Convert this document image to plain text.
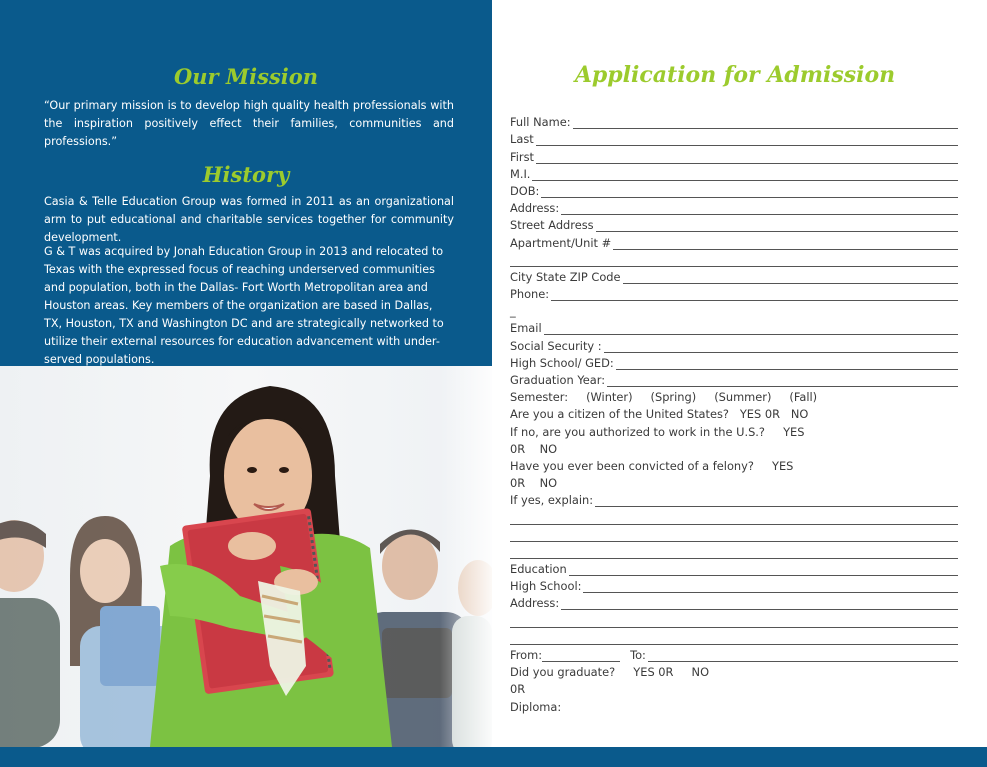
Our Mission

“Our primary mission is to develop high quality health professionals with the inspiration positively effect their families, communities and professions.”

History

Casia & Telle Education Group was formed in 2011 as an organizational arm to put educational and charitable services together for community development.

G & T was acquired by Jonah Education Group in 2013 and relocated to Texas with the expressed focus of reaching underserved communities and population, both in the Dallas- Fort Worth Metropolitan area and Houston areas. Key members of the organization are based in Dallas, TX, Houston, TX and Washington DC and are strategically networked to utilize their external resources for education advancement with under-served populations.

Application for Admission
Full Name:
Last
First
M.I.
DOB:
Address:
Street Address
Apartment/Unit #
City State ZIP Code
Phone:
_
Email
Social Security :
High School/ GED:
Graduation Year:
Semester: (Winter) (Spring) (Summer) (Fall)
Are you a citizen of the United States?   YES 0R   NO
If no, are you authorized to work in the U.S.?     YES
0R    NO
Have you ever been convicted of a felony?     YES
0R    NO
If yes, explain:
Education
High School:
Address:
From:	To:
Did you graduate?     YES 0R     NO
0R
Diploma:
